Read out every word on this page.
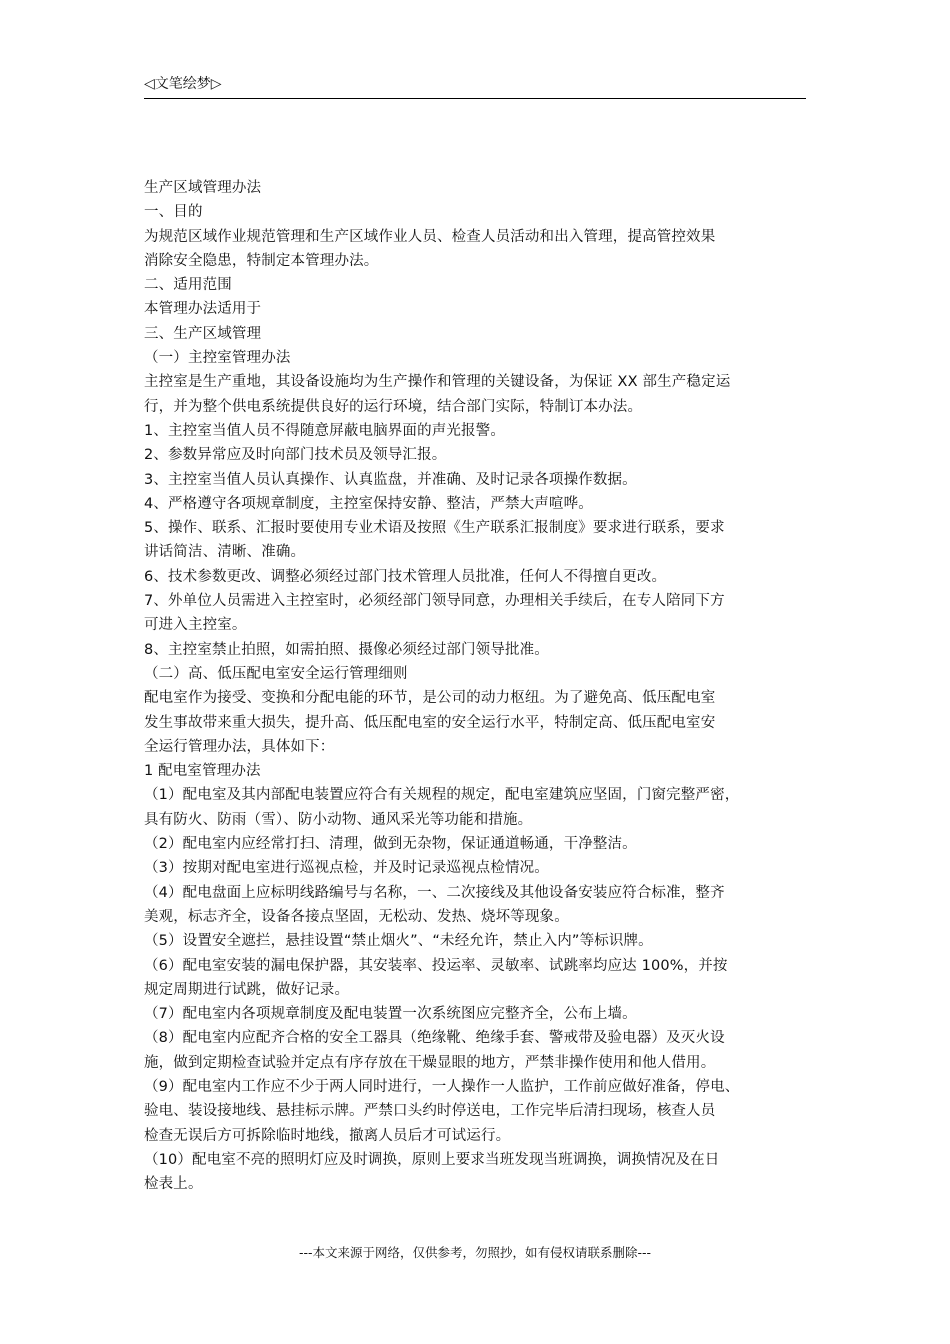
◁文笔绘梦▷
生产区域管理办法
一、目的
为规范区域作业规范管理和生产区域作业人员、检查人员活动和出入管理，提高管控效果
消除安全隐患，特制定本管理办法。
二、适用范围
本管理办法适用于
三、生产区域管理
（一）主控室管理办法
主控室是生产重地，其设备设施均为生产操作和管理的关键设备，为保证 XX 部生产稳定运
行，并为整个供电系统提供良好的运行环境，结合部门实际，特制订本办法。
1、主控室当值人员不得随意屏蔽电脑界面的声光报警。
2、参数异常应及时向部门技术员及领导汇报。
3、主控室当值人员认真操作、认真监盘，并准确、及时记录各项操作数据。
4、严格遵守各项规章制度，主控室保持安静、整洁，严禁大声喧哗。
5、操作、联系、汇报时要使用专业术语及按照《生产联系汇报制度》要求进行联系，要求
讲话简洁、清晰、准确。
6、技术参数更改、调整必须经过部门技术管理人员批准，任何人不得擅自更改。
7、外单位人员需进入主控室时，必须经部门领导同意，办理相关手续后，在专人陪同下方
可进入主控室。
8、主控室禁止拍照，如需拍照、摄像必须经过部门领导批准。
（二）高、低压配电室安全运行管理细则
配电室作为接受、变换和分配电能的环节，是公司的动力枢纽。为了避免高、低压配电室
发生事故带来重大损失，提升高、低压配电室的安全运行水平，特制定高、低压配电室安
全运行管理办法，具体如下：
1 配电室管理办法
（1）配电室及其内部配电装置应符合有关规程的规定，配电室建筑应坚固，门窗完整严密，
具有防火、防雨（雪）、防小动物、通风采光等功能和措施。
（2）配电室内应经常打扫、清理，做到无杂物，保证通道畅通，干净整洁。
（3）按期对配电室进行巡视点检，并及时记录巡视点检情况。
（4）配电盘面上应标明线路编号与名称，一、二次接线及其他设备安装应符合标准，整齐
美观，标志齐全，设备各接点坚固，无松动、发热、烧坏等现象。
（5）设置安全遮拦，悬挂设置“禁止烟火”、“未经允许，禁止入内”等标识牌。
（6）配电室安装的漏电保护器，其安装率、投运率、灵敏率、试跳率均应达 100%，并按
规定周期进行试跳，做好记录。
（7）配电室内各项规章制度及配电装置一次系统图应完整齐全，公布上墙。
（8）配电室内应配齐合格的安全工器具（绝缘靴、绝缘手套、警戒带及验电器）及灭火设
施，做到定期检查试验并定点有序存放在干燥显眼的地方，严禁非操作使用和他人借用。
（9）配电室内工作应不少于两人同时进行，一人操作一人监护，工作前应做好准备，停电、
验电、装设接地线、悬挂标示牌。严禁口头约时停送电，工作完毕后清扫现场，核查人员
检查无误后方可拆除临时地线，撤离人员后才可试运行。
（10）配电室不亮的照明灯应及时调换，原则上要求当班发现当班调换，调换情况及在日
检表上。
---本文来源于网络，仅供参考，勿照抄，如有侵权请联系删除---
